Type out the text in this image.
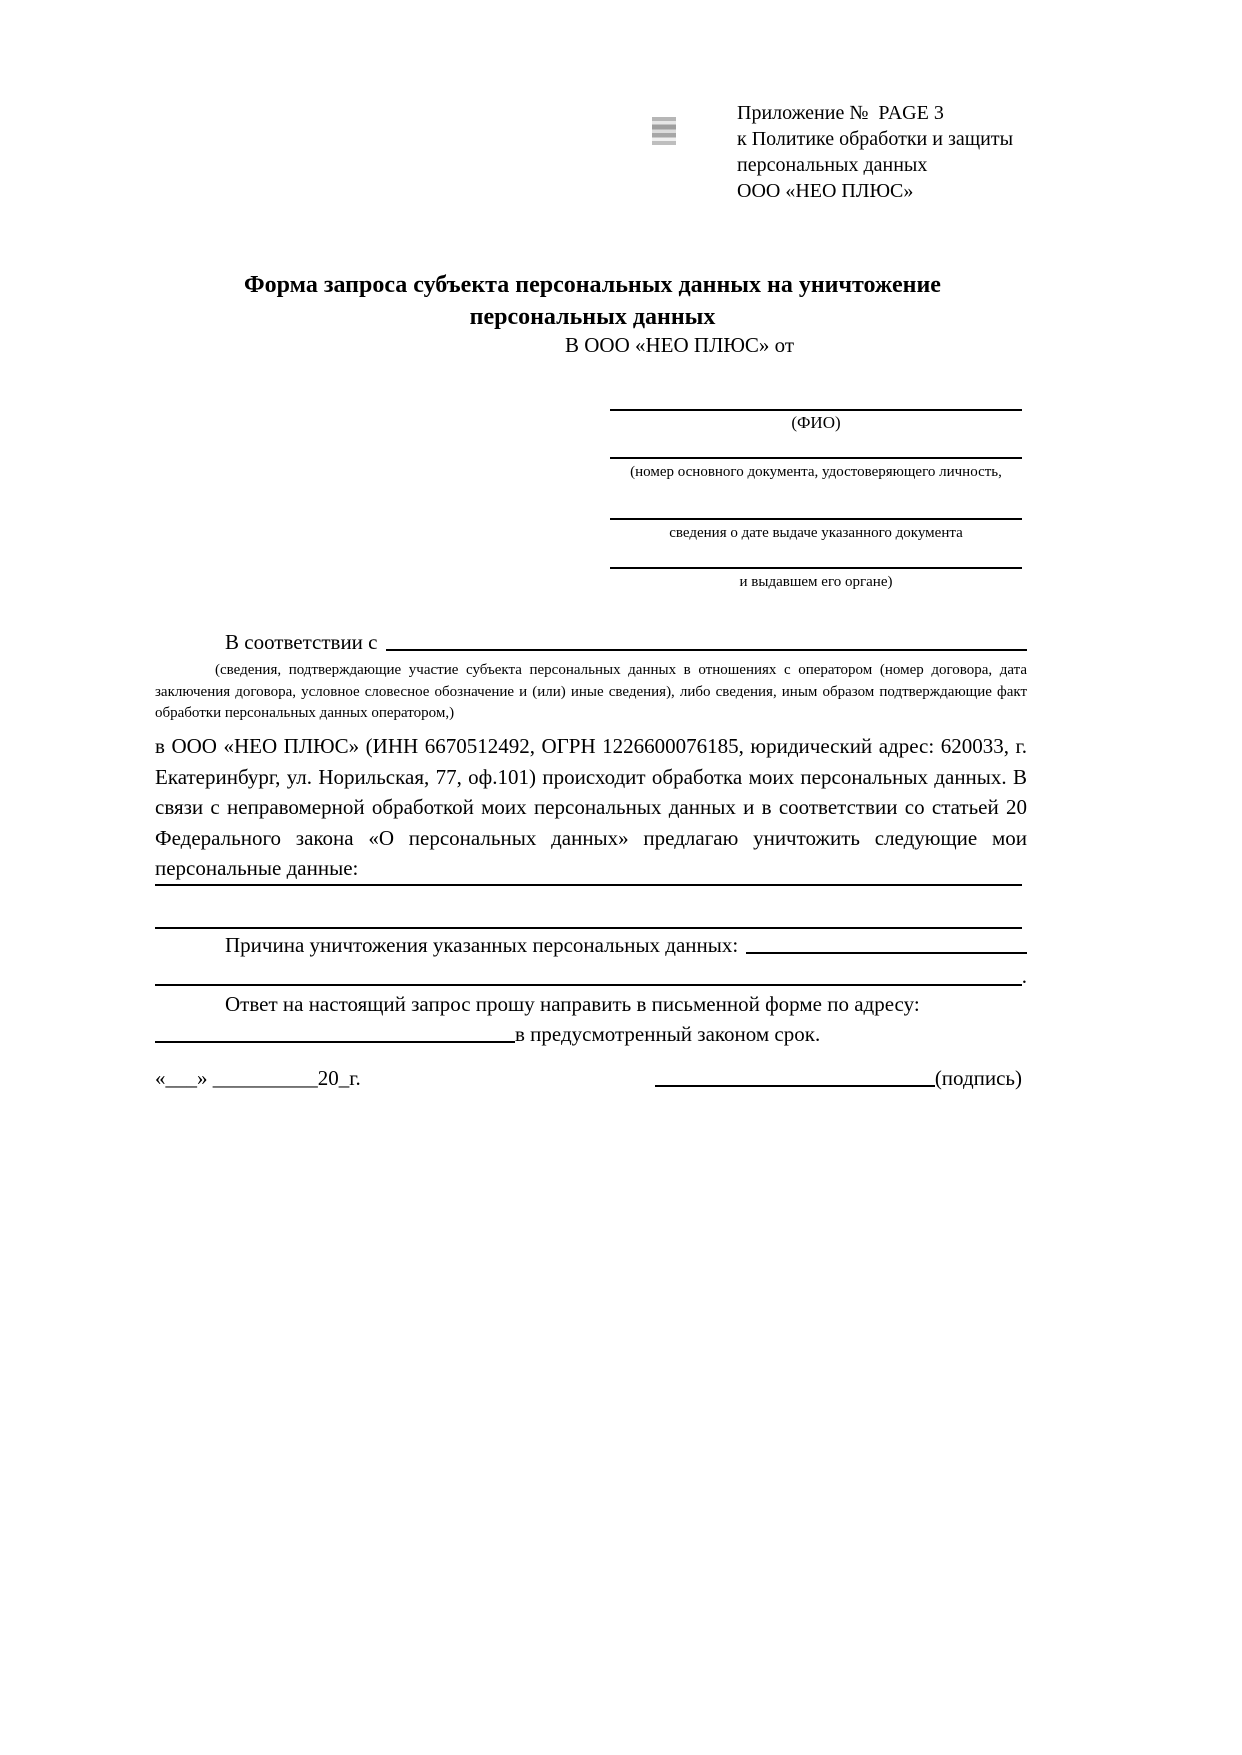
Приложение №  PAGE 3
к Политике обработки и защиты
персональных данных
ООО «НЕО ПЛЮС»
Форма запроса субъекта персональных данных на уничтожение
персональных данных
В ООО «НЕО ПЛЮС» от
(ФИО)
(номер основного документа, удостоверяющего личность,
сведения о дате выдаче указанного документа
и выдавшем его органе)
В соответствии с
(сведения, подтверждающие участие субъекта персональных данных в отношениях с оператором (номер договора, дата заключения договора, условное словесное обозначение и (или) иные сведения), либо сведения, иным образом подтверждающие факт обработки персональных данных оператором,)
в ООО «НЕО ПЛЮС» (ИНН 6670512492, ОГРН 1226600076185, юридический адрес: 620033, г. Екатеринбург, ул. Норильская, 77, оф.101) происходит обработка моих персональных данных. В связи с неправомерной обработкой моих персональных данных и в соответствии со статьей 20 Федерального закона «О персональных данных» предлагаю уничтожить следующие мои персональные данные:
Причина уничтожения указанных персональных данных:
.
Ответ на настоящий запрос прошу направить в письменной форме по адресу:
в предусмотренный законом срок.
«___» __________20_г.	(подпись)
